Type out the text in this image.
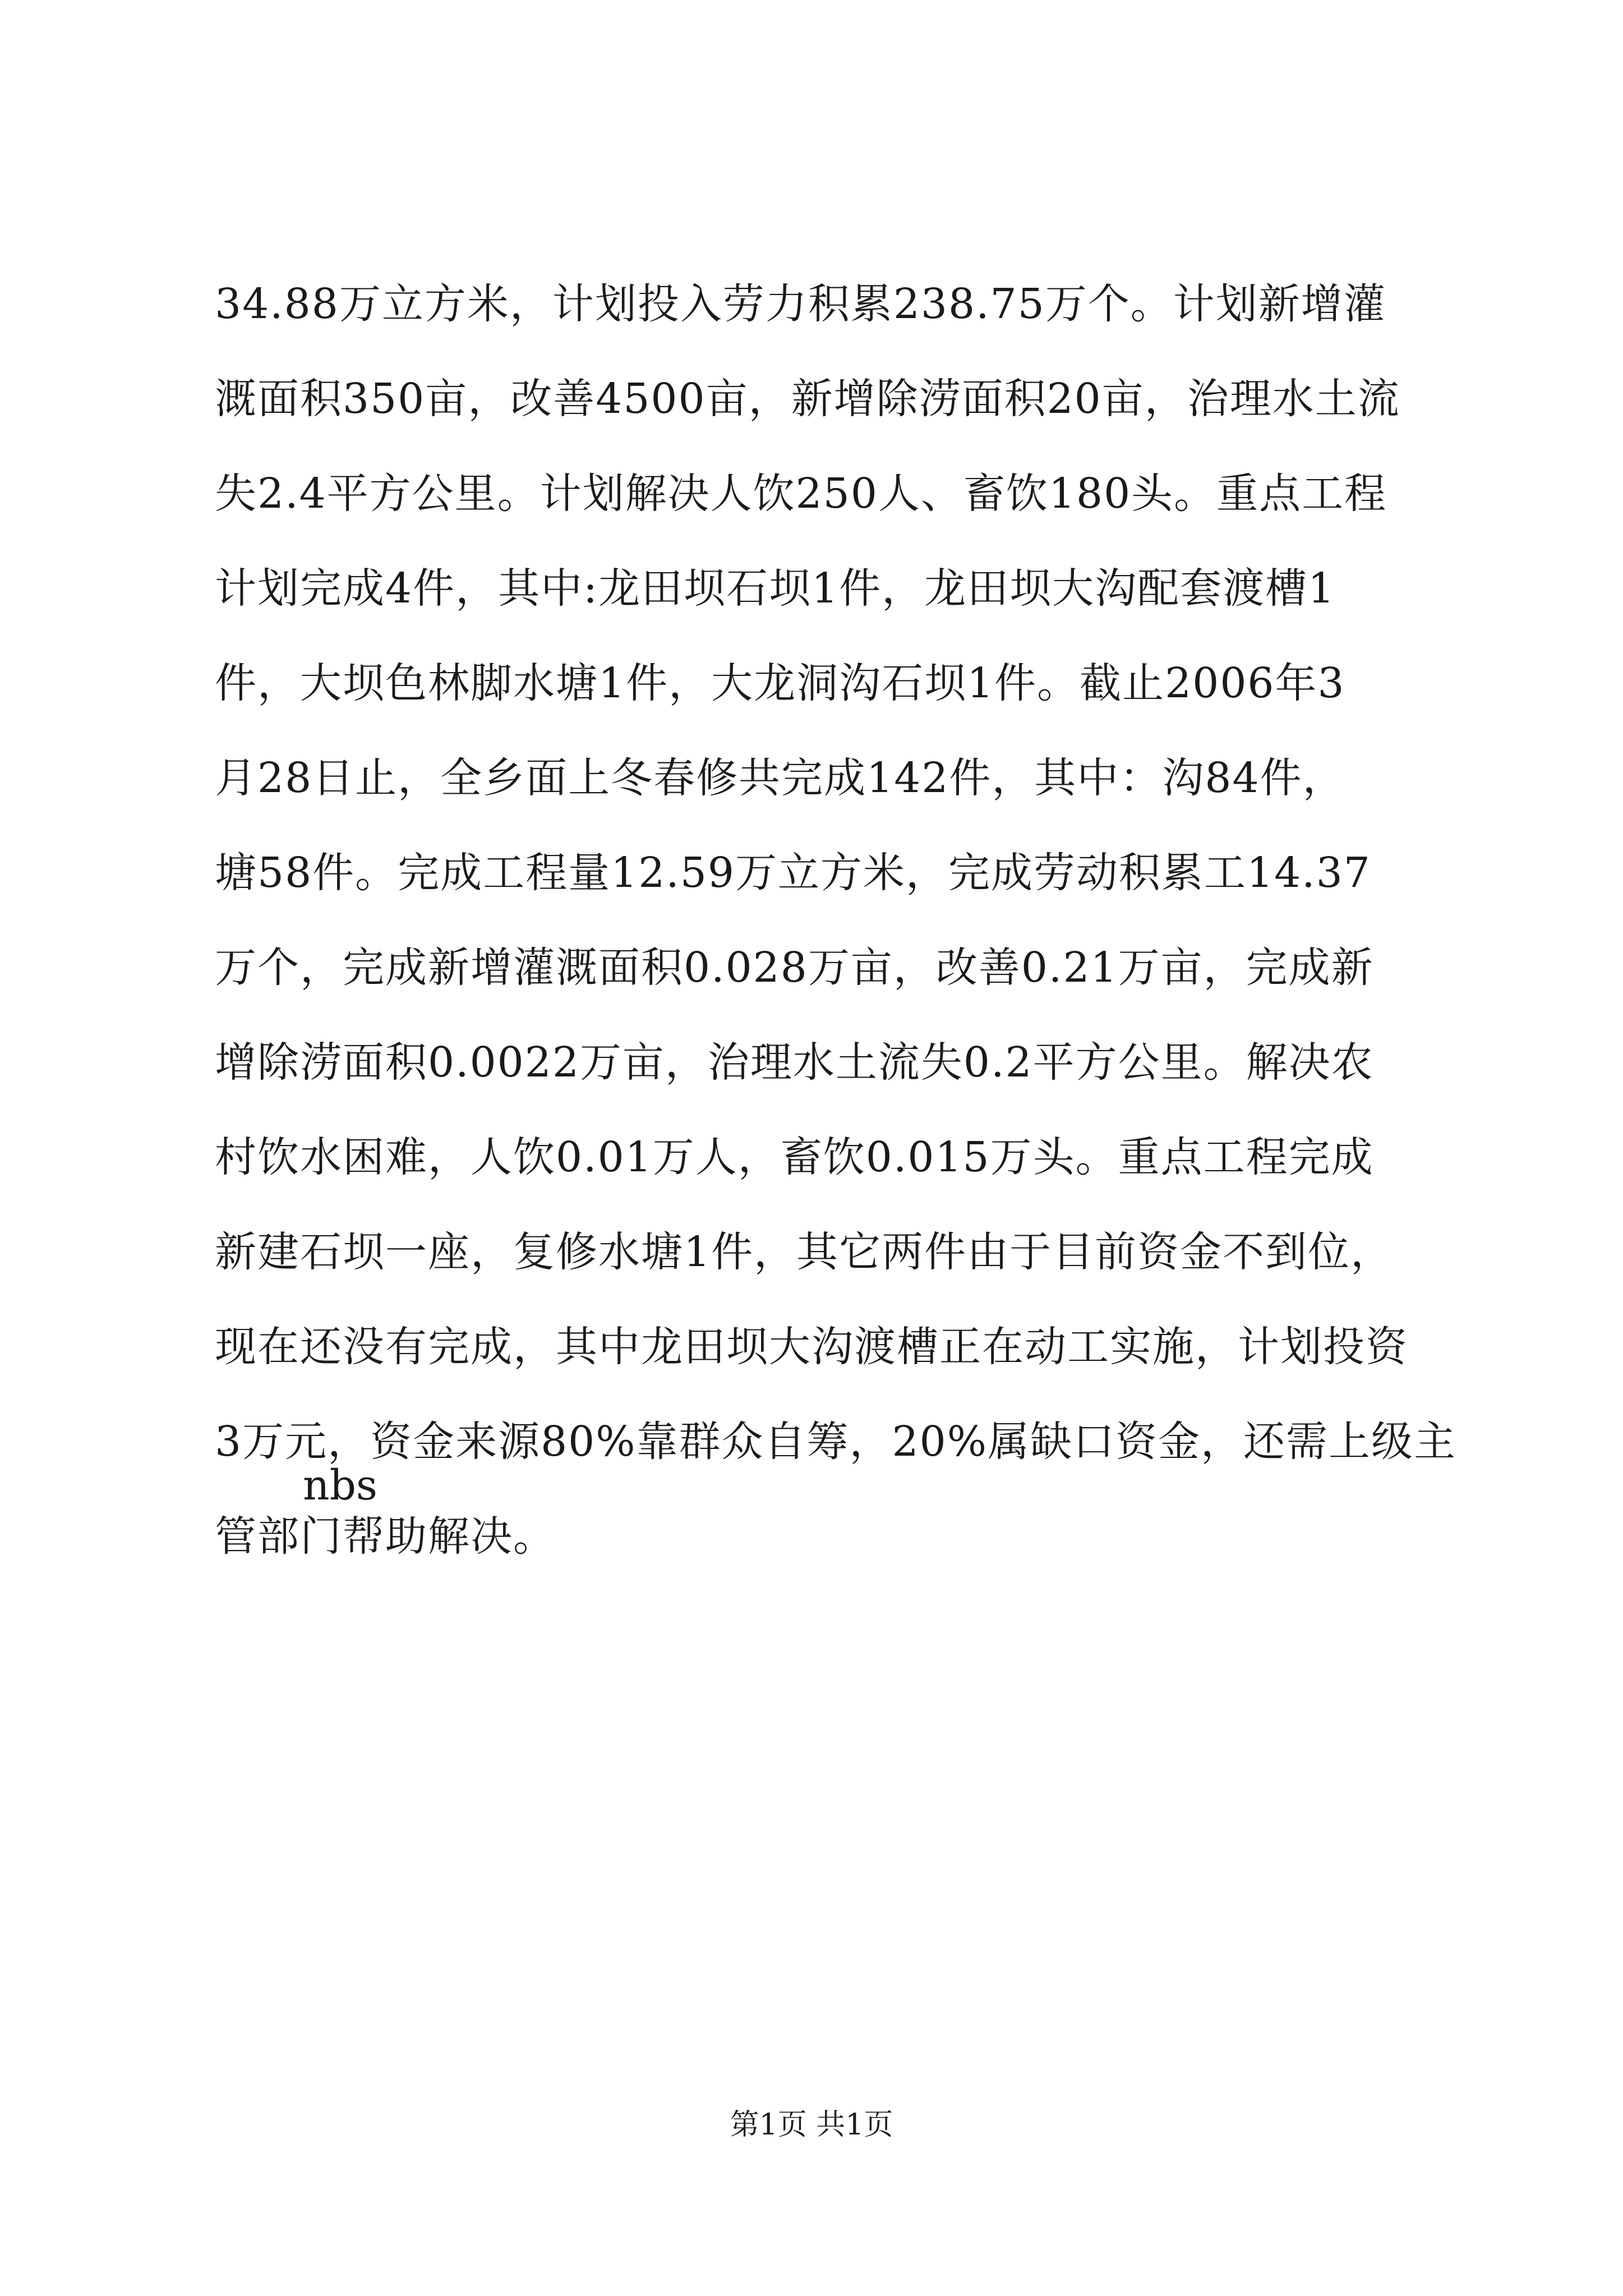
34.88万立方米，计划投入劳力积累238.75万个。计划新增灌
溉面积350亩，改善4500亩，新增除涝面积20亩，治理水土流
失2.4平方公里。计划解决人饮250人、畜饮180头。重点工程
计划完成4件，其中:龙田坝石坝1件，龙田坝大沟配套渡槽1
件，大坝色林脚水塘1件，大龙洞沟石坝1件。截止2006年3
月28日止，全乡面上冬春修共完成142件，其中：沟84件，
塘58件。完成工程量12.59万立方米，完成劳动积累工14.37
万个，完成新增灌溉面积0.028万亩，改善0.21万亩，完成新
增除涝面积0.0022万亩，治理水土流失0.2平方公里。解决农
村饮水困难，人饮0.01万人，畜饮0.015万头。重点工程完成
新建石坝一座，复修水塘1件，其它两件由于目前资金不到位，
现在还没有完成，其中龙田坝大沟渡槽正在动工实施，计划投资
3万元，资金来源80%靠群众自筹，20%属缺口资金，还需上级主
管部门帮助解决。
nbs
第1页 共1页
